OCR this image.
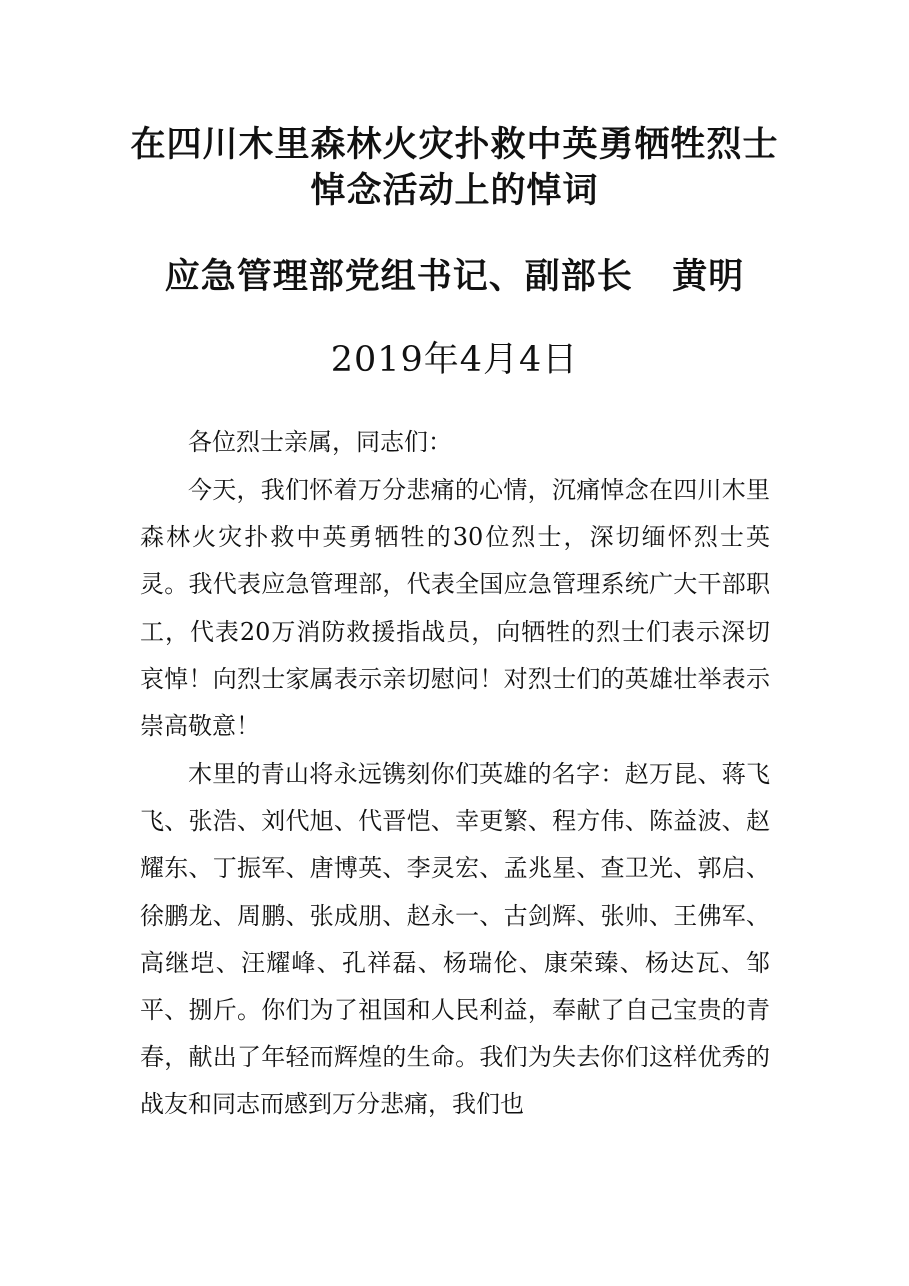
在四川木里森林火灾扑救中英勇牺牲烈士
悼念活动上的悼词
应急管理部党组书记、副部长   黄明
2019年4月4日

各位烈士亲属，同志们：

今天，我们怀着万分悲痛的心情，沉痛悼念在四川木里森林火灾扑救中英勇牺牲的30位烈士，深切缅怀烈士英灵。我代表应急管理部，代表全国应急管理系统广大干部职工，代表20万消防救援指战员，向牺牲的烈士们表示深切哀悼！向烈士家属表示亲切慰问！对烈士们的英雄壮举表示崇高敬意！

木里的青山将永远镌刻你们英雄的名字：赵万昆、蒋飞飞、张浩、刘代旭、代晋恺、幸更繁、程方伟、陈益波、赵耀东、丁振军、唐博英、李灵宏、孟兆星、查卫光、郭启、徐鹏龙、周鹏、张成朋、赵永一、古剑辉、张帅、王佛军、高继垲、汪耀峰、孔祥磊、杨瑞伦、康荣臻、杨达瓦、邹平、捌斤。你们为了祖国和人民利益，奉献了自己宝贵的青春，献出了年轻而辉煌的生命。我们为失去你们这样优秀的战友和同志而感到万分悲痛，我们也
